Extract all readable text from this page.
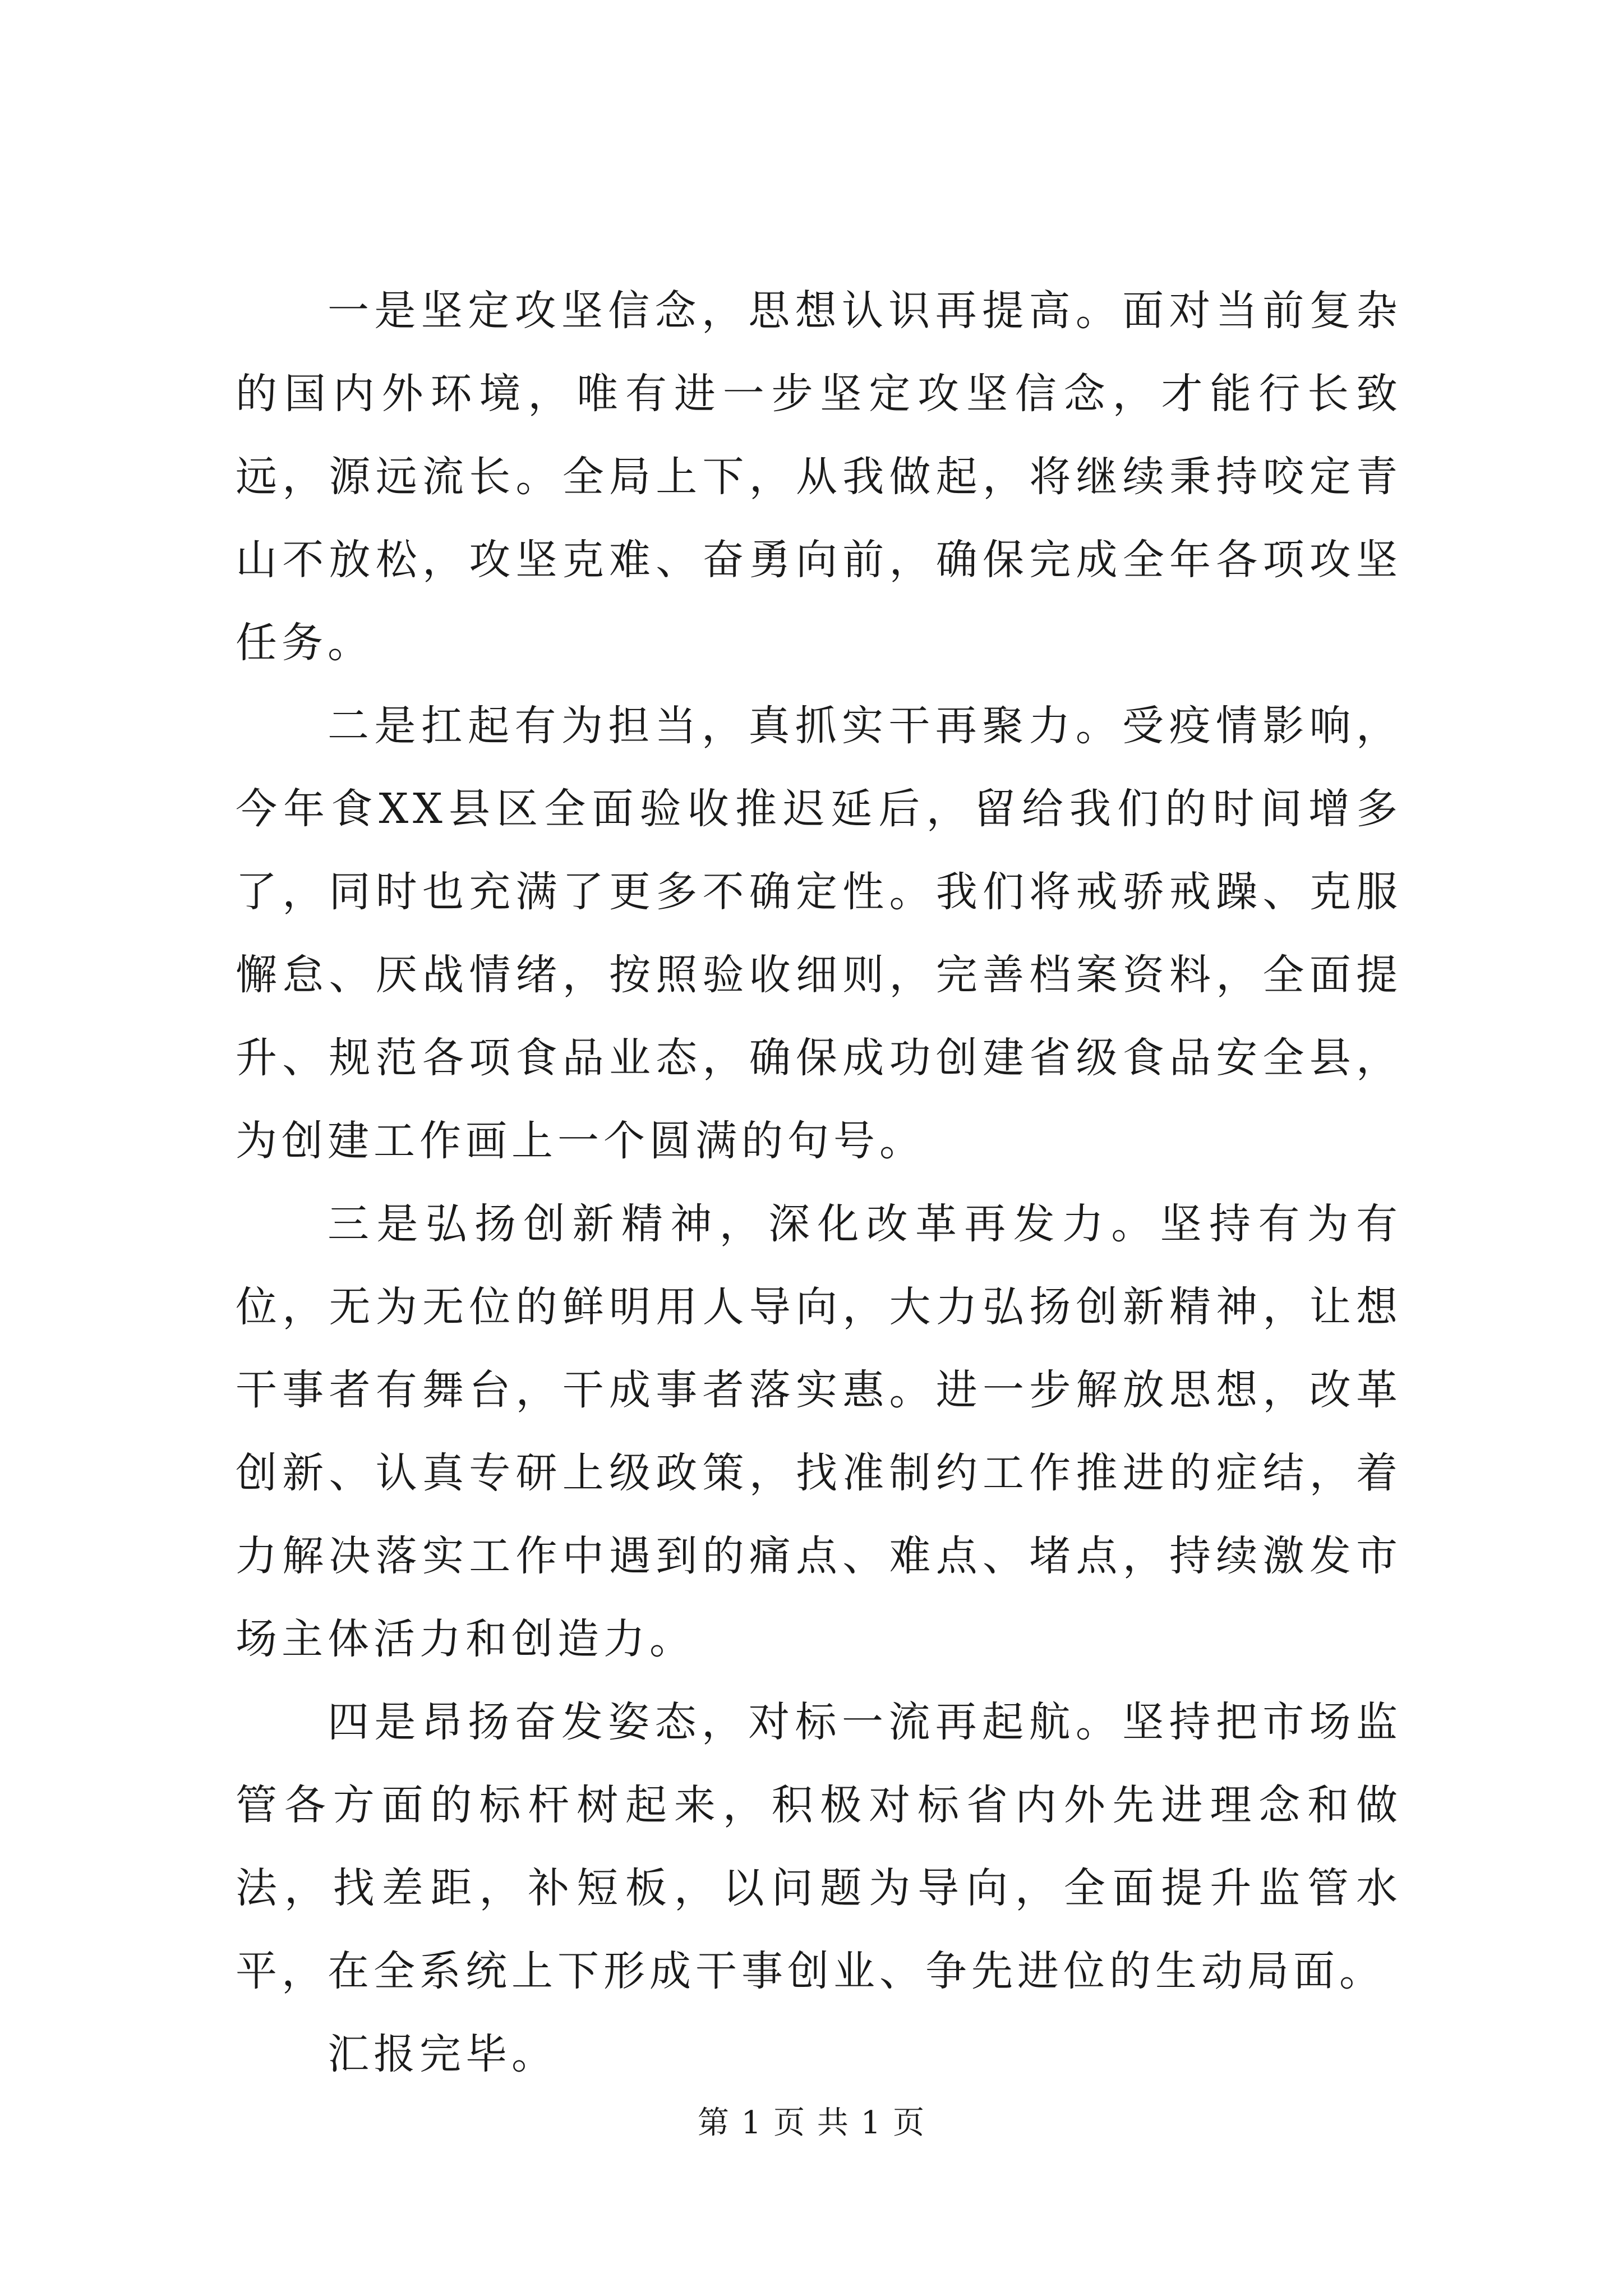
一是坚定攻坚信念，思想认识再提高。面对当前复杂的国内外环境，唯有进一步坚定攻坚信念，才能行长致远，源远流长。全局上下，从我做起，将继续秉持咬定青山不放松，攻坚克难、奋勇向前，确保完成全年各项攻坚任务。

二是扛起有为担当，真抓实干再聚力。受疫情影响，今年食XX县区全面验收推迟延后，留给我们的时间增多了，同时也充满了更多不确定性。我们将戒骄戒躁、克服懈怠、厌战情绪，按照验收细则，完善档案资料，全面提升、规范各项食品业态，确保成功创建省级食品安全县，为创建工作画上一个圆满的句号。

三是弘扬创新精神，深化改革再发力。坚持有为有位，无为无位的鲜明用人导向，大力弘扬创新精神，让想干事者有舞台，干成事者落实惠。进一步解放思想，改革创新、认真专研上级政策，找准制约工作推进的症结，着力解决落实工作中遇到的痛点、难点、堵点，持续激发市场主体活力和创造力。

四是昂扬奋发姿态，对标一流再起航。坚持把市场监管各方面的标杆树起来，积极对标省内外先进理念和做法，找差距，补短板，以问题为导向，全面提升监管水平，在全系统上下形成干事创业、争先进位的生动局面。

汇报完毕。

第 1 页 共 1 页
